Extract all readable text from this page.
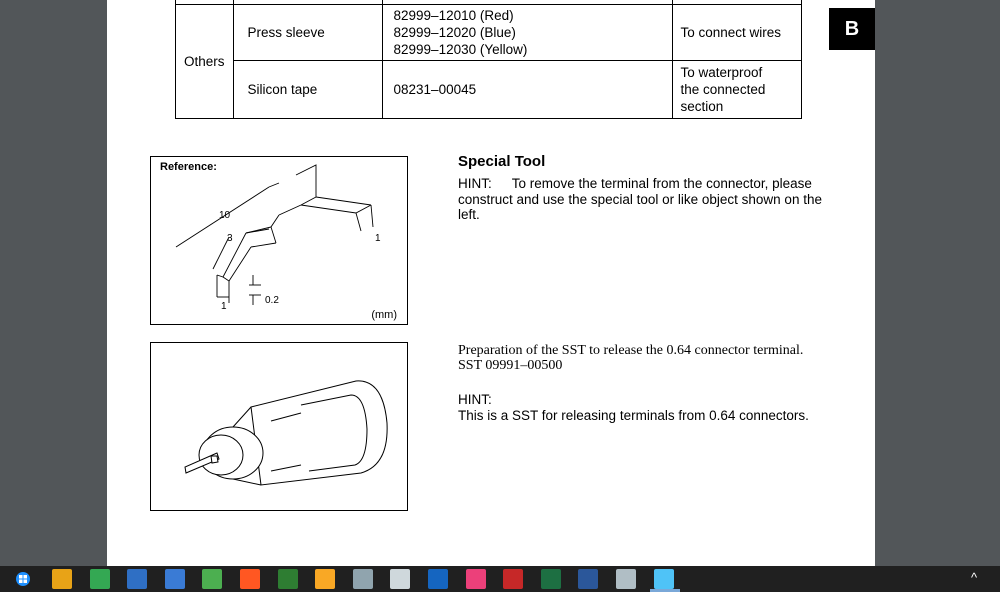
B

Others	Press sleeve	82999–12010 (Red)
82999–12020 (Blue)
82999–12030 (Yellow)	To connect wires

	Silicon tape	08231–00045	To waterproof
the connected
section
Reference:
10
3	1
0.2
1
(mm)
Special Tool
HINT: To remove the terminal from the connector, please construct and use the special tool or like object shown on the left.
Preparation of the SST to release the 0.64 connector terminal.
SST 09991–00500
HINT:
This is a SST for releasing terminals from 0.64 connectors.
^
